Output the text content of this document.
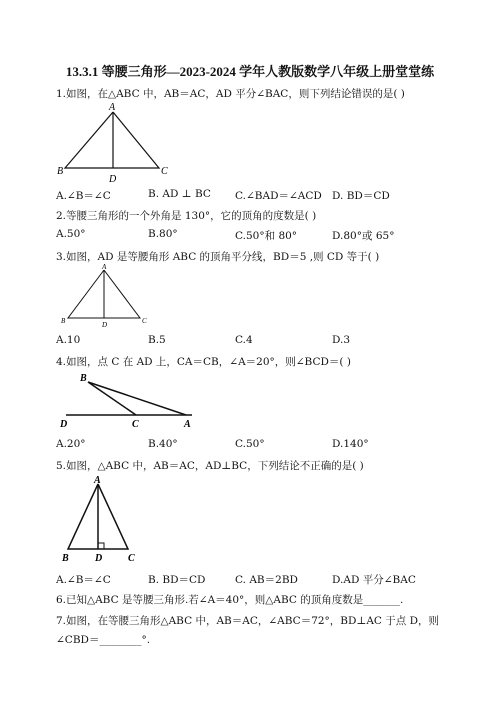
13.3.1 等腰三角形—2023-2024 学年人教版数学八年级上册堂堂练
1.如图，在△ABC 中，AB＝AC，AD 平分∠BAC，则下列结论错误的是( )
A
B	C
D
A.∠B＝∠C	B. AD ⊥ BC C.∠BAD＝∠ACD D. BD＝CD
2.等腰三角形的一个外角是 130°，它的顶角的度数是( )
A.50°	B.80°	C.50°和 80°	D.80°或 65°
3.如图，AD 是等腰角形 ABC 的顶角平分线，BD＝5 ,则 CD 等于( )
A
B	C
D
A.10	B.5	C.4	D.3
4.如图，点 C 在 AD 上，CA＝CB，∠A＝20°，则∠BCD＝( )
B
D	C	A
A.20°	B.40°	C.50°	D.140°
5.如图，△ABC 中，AB＝AC，AD⊥BC，下列结论不正确的是( )
A
B	D	C
A.∠B＝∠C	B. BD＝CD	C. AB＝2BD	D.AD 平分∠BAC
6.已知△ABC 是等腰三角形.若∠A＝40°，则△ABC 的顶角度数是_______.
7.如图，在等腰三角形△ABC 中，AB＝AC，∠ABC＝72°，BD⊥AC 于点 D，则
∠CBD＝________°.
